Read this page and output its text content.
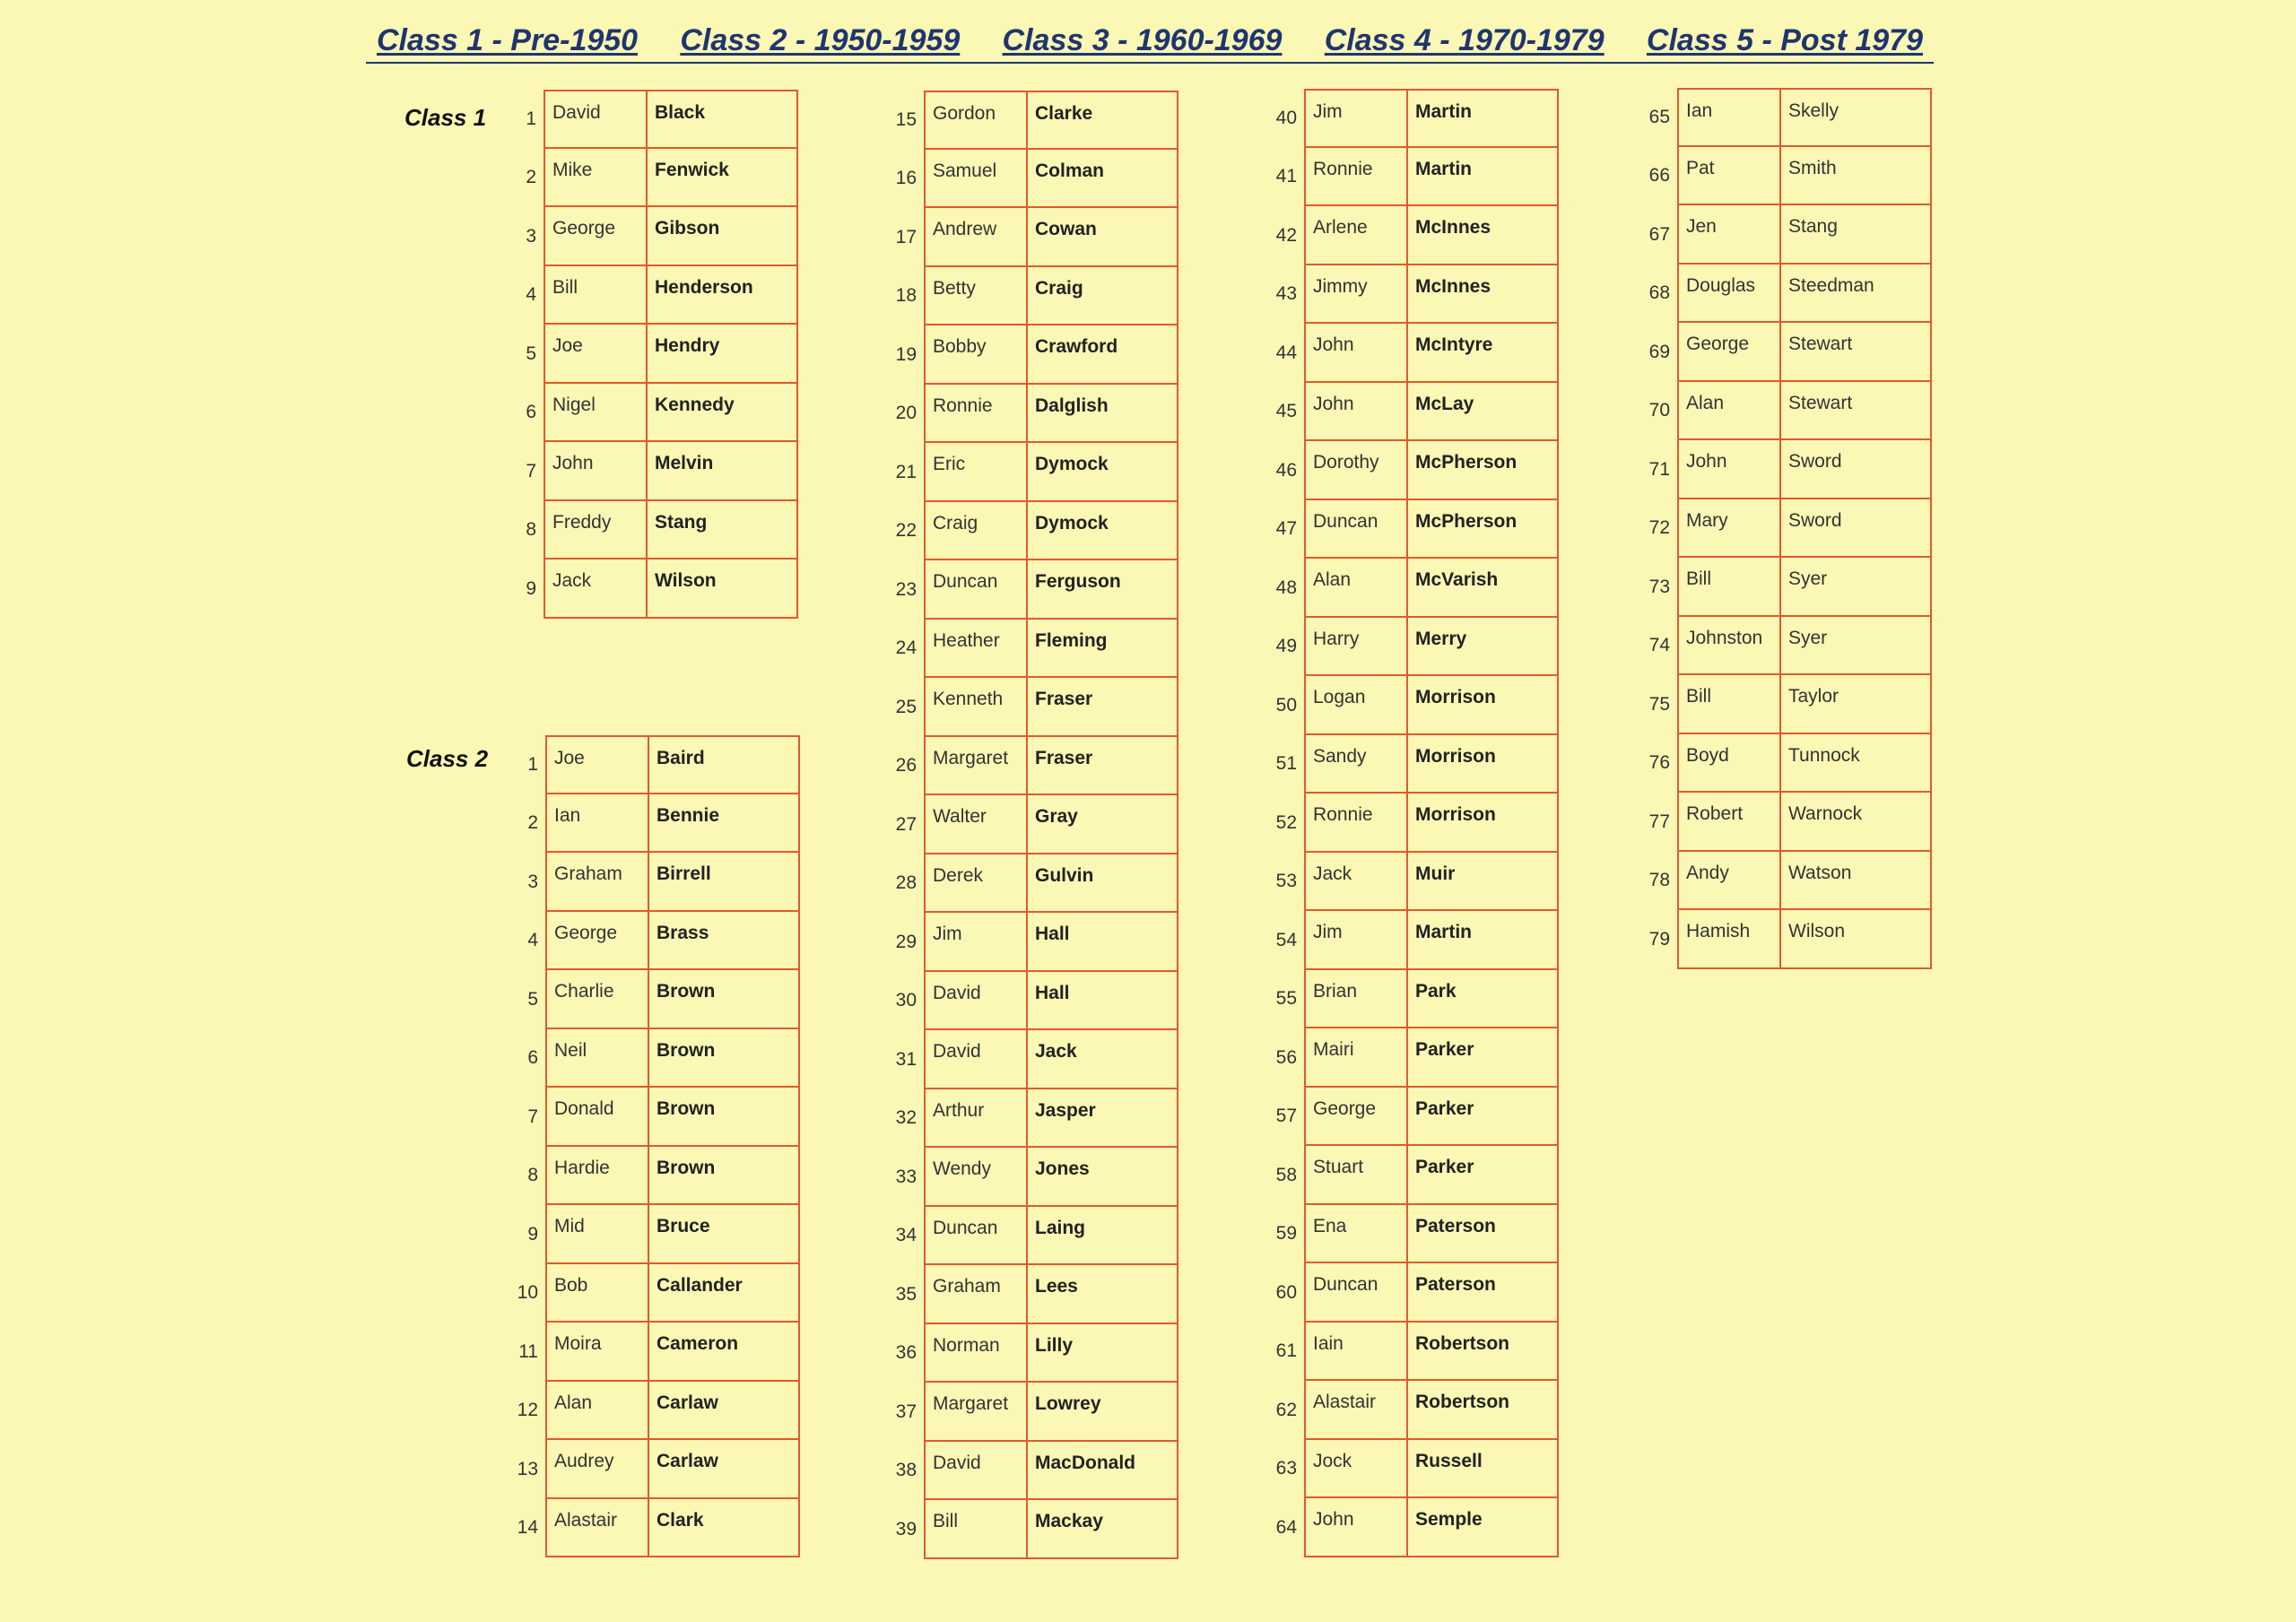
Class 1 - Pre-1950 Class 2 - 1950-1959 Class 3 - 1960-1969 Class 4 - 1970-1979 Class 5 - Post 1979
Class 1
Class 2
1 David	Black
2 Mike	Fenwick
3 George	Gibson
4 Bill	Henderson
5 Joe	Hendry
6 Nigel	Kennedy
7 John	Melvin
8 Freddy	Stang
9 Jack	Wilson
1 Joe	Baird
2 Ian	Bennie
3 Graham	Birrell
4 George	Brass
5 Charlie	Brown
6 Neil	Brown
7 Donald	Brown
8 Hardie	Brown
9 Mid	Bruce
10 Bob	Callander
11 Moira	Cameron
12 Alan	Carlaw
13 Audrey	Carlaw
14 Alastair	Clark
15 Gordon	Clarke
16 Samuel	Colman
17 Andrew	Cowan
18 Betty	Craig
19 Bobby	Crawford
20 Ronnie	Dalglish
21 Eric	Dymock
22 Craig	Dymock
23 Duncan	Ferguson
24 Heather	Fleming
25 Kenneth	Fraser
26 Margaret	Fraser
27 Walter	Gray
28 Derek	Gulvin
29 Jim	Hall
30 David	Hall
31 David	Jack
32 Arthur	Jasper
33 Wendy	Jones
34 Duncan	Laing
35 Graham	Lees
36 Norman	Lilly
37 Margaret	Lowrey
38 David	MacDonald
39 Bill	Mackay
40 Jim	Martin
41 Ronnie	Martin
42 Arlene	McInnes
43 Jimmy	McInnes
44 John	McIntyre
45 John	McLay
46 Dorothy	McPherson
47 Duncan	McPherson
48 Alan	McVarish
49 Harry	Merry
50 Logan	Morrison
51 Sandy	Morrison
52 Ronnie	Morrison
53 Jack	Muir
54 Jim	Martin
55 Brian	Park
56 Mairi	Parker
57 George	Parker
58 Stuart	Parker
59 Ena	Paterson
60 Duncan	Paterson
61 Iain	Robertson
62 Alastair	Robertson
63 Jock	Russell
64 John	Semple
65 Ian	Skelly
66 Pat	Smith
67 Jen	Stang
68 Douglas	Steedman
69 George	Stewart
70 Alan	Stewart
71 John	Sword
72 Mary	Sword
73 Bill	Syer
74 Johnston	Syer
75 Bill	Taylor
76 Boyd	Tunnock
77 Robert	Warnock
78 Andy	Watson
79 Hamish	Wilson
